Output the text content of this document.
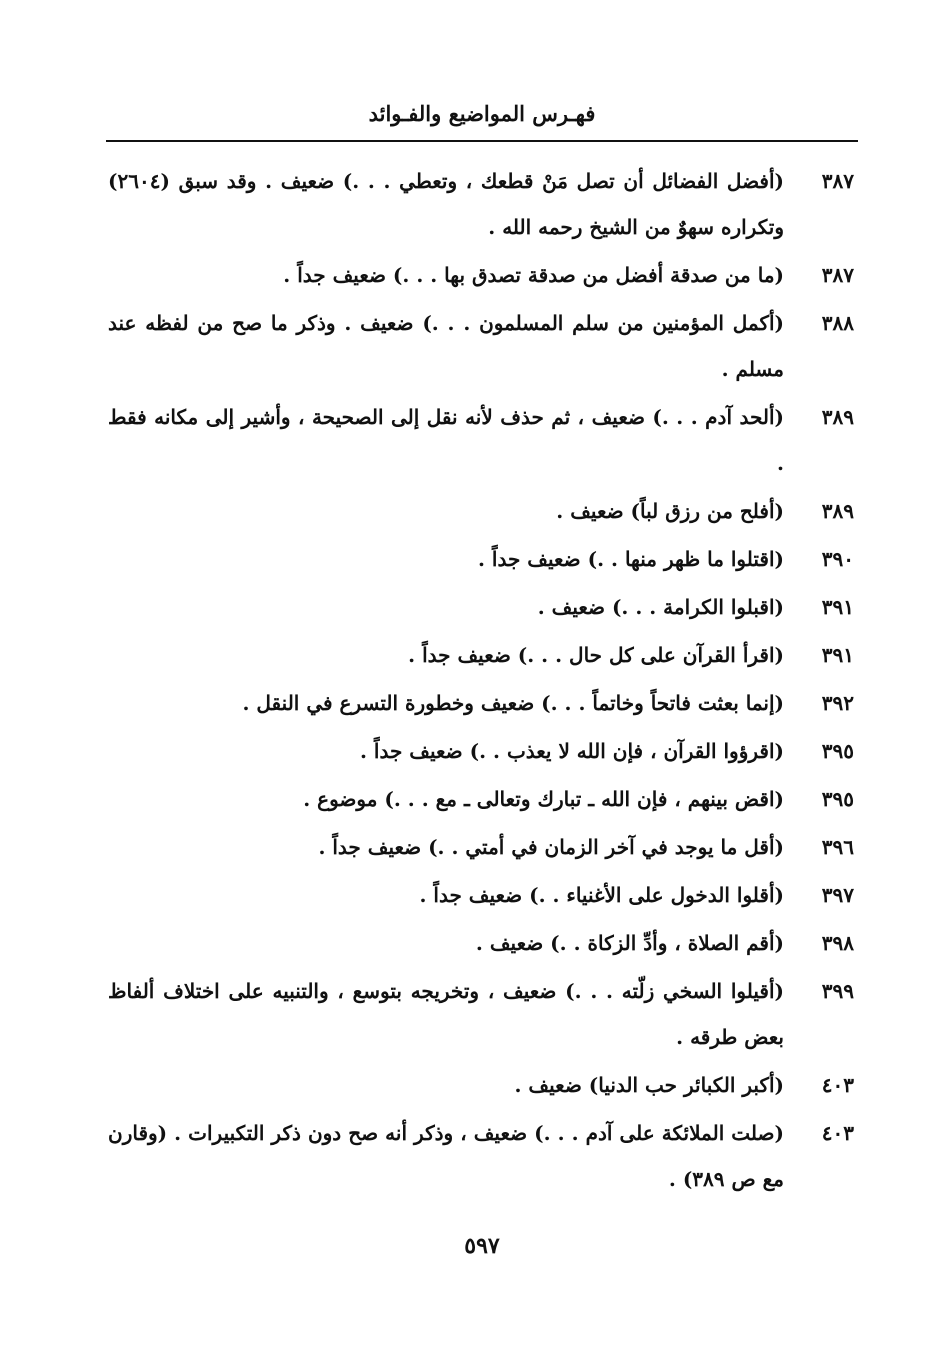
فهـرس المواضيع والفـوائد
٣٨٧
(أفضل الفضائل أن تصل مَنْ قطعك ، وتعطي . . .) ضعيف . وقد سبق (٢٦٠٤) وتكراره سهوٌ من الشيخ رحمه الله .
٣٨٧
(ما من صدقة أفضل من صدقة تصدق بها . . .) ضعيف جداً .
٣٨٨
(أكمل المؤمنين من سلم المسلمون . . .) ضعيف . وذكر ما صح من لفظه عند مسلم .
٣٨٩
(ألحد آدم . . .) ضعيف ، ثم حذف لأنه نقل إلى الصحيحة ، وأشير إلى مكانه فقط .
٣٨٩
(أفلح من رزق لباً) ضعيف .
٣٩٠
(اقتلوا ما ظهر منها . .) ضعيف جداً .
٣٩١
(اقبلوا الكرامة . . .) ضعيف .
٣٩١
(اقرأ القرآن على كل حال . . .) ضعيف جداً .
٣٩٢
(إنما بعثت فاتحاً وخاتماً . . .) ضعيف وخطورة التسرع في النقل .
٣٩٥
(اقرؤوا القرآن ، فإن الله لا يعذب . .) ضعيف جداً .
٣٩٥
(اقض بينهم ، فإن الله ـ تبارك وتعالى ـ مع . . .) موضوع .
٣٩٦
(أقل ما يوجد في آخر الزمان في أمتي . .) ضعيف جداً .
٣٩٧
(أقلوا الدخول على الأغنياء . .) ضعيف جداً .
٣٩٨
(أقم الصلاة ، وأدِّ الزكاة . .) ضعيف .
٣٩٩
(أقيلوا السخي زلّته . . .) ضعيف ، وتخريجه بتوسع ، والتنبيه على اختلاف ألفاظ بعض طرقه .
٤٠٣
(أكبر الكبائر حب الدنيا) ضعيف .
٤٠٣
(صلت الملائكة على آدم . . .) ضعيف ، وذكر أنه صح دون ذكر التكبيرات . (وقارن مع ص ٣٨٩) .
٥٩٧
